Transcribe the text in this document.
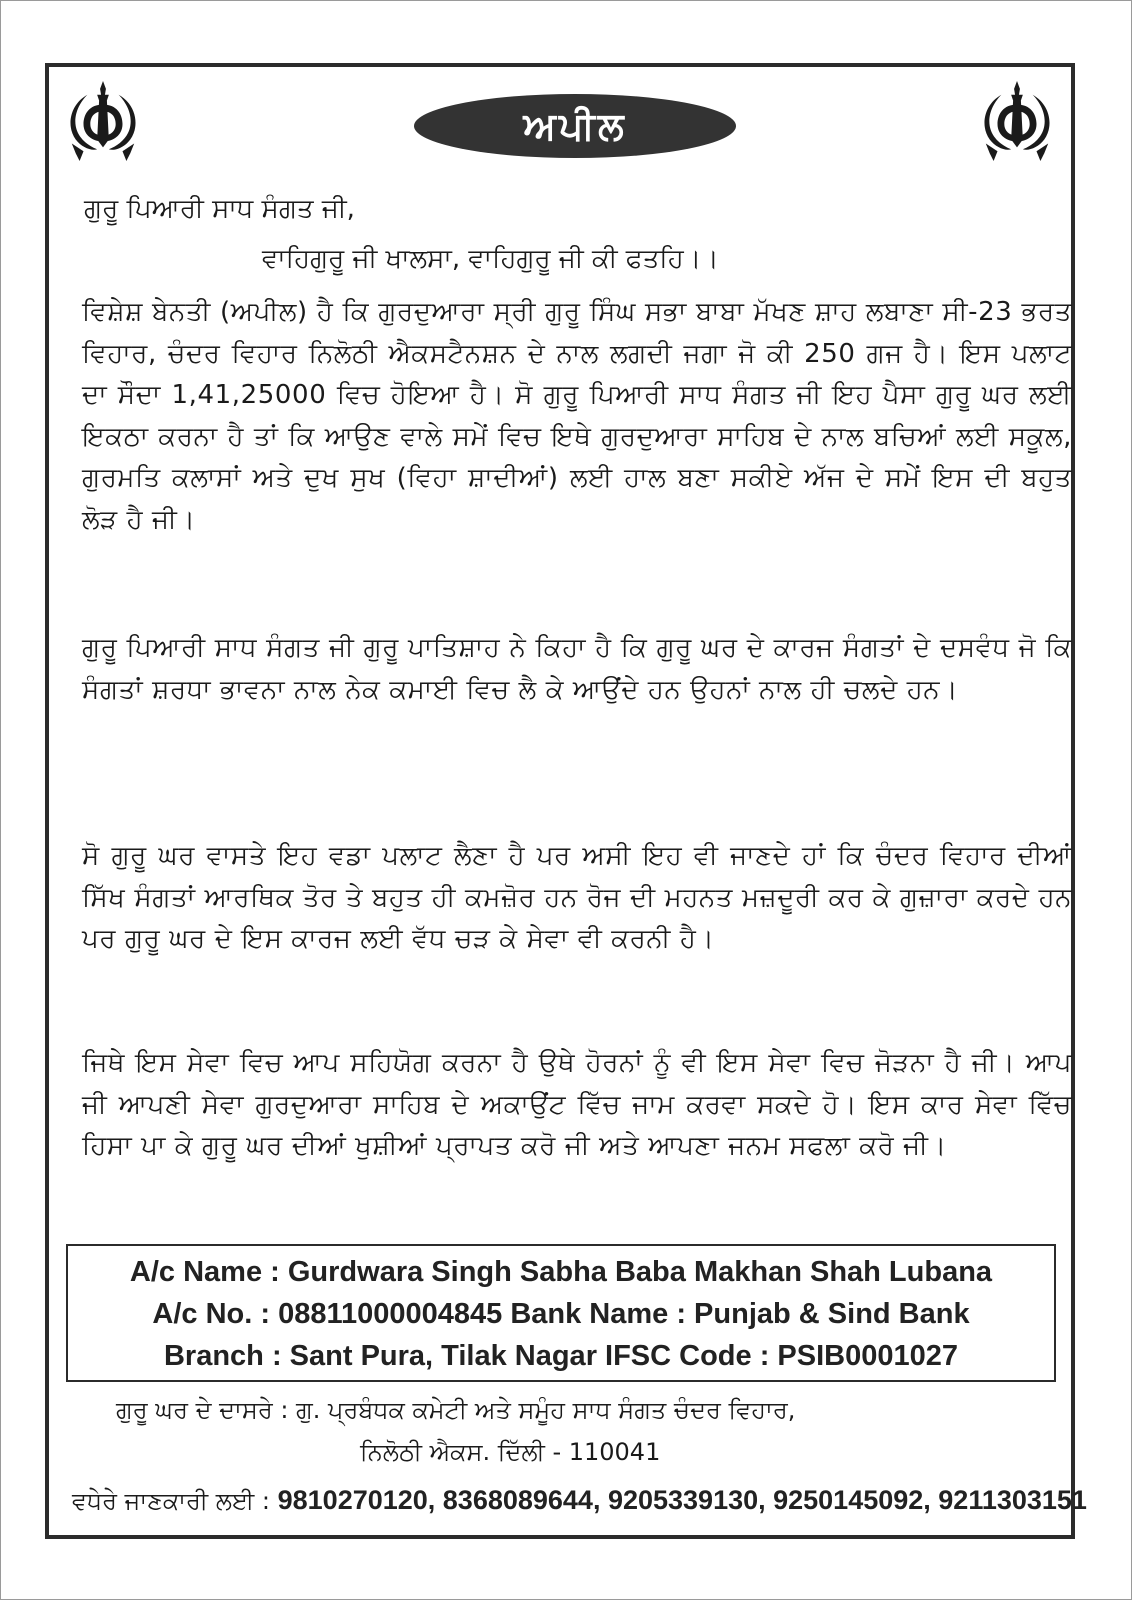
ਅਪੀਲ
ਗੁਰੂ ਪਿਆਰੀ ਸਾਧ ਸੰਗਤ ਜੀ,
ਵਾਹਿਗੁਰੂ ਜੀ ਖਾਲਸਾ, ਵਾਹਿਗੁਰੂ ਜੀ ਕੀ ਫਤਹਿ।।

ਵਿਸ਼ੇਸ਼ ਬੇਨਤੀ (ਅਪੀਲ) ਹੈ ਕਿ ਗੁਰਦੁਆਰਾ ਸ੍ਰੀ ਗੁਰੂ ਸਿੰਘ ਸਭਾ ਬਾਬਾ ਮੱਖਣ ਸ਼ਾਹ ਲਬਾਣਾ ਸੀ-23 ਭਰਤ ਵਿਹਾਰ, ਚੰਦਰ ਵਿਹਾਰ ਨਿਲੋਠੀ ਐਕਸਟੈਨਸ਼ਨ ਦੇ ਨਾਲ ਲਗਦੀ ਜਗਾ ਜੋ ਕੀ 250 ਗਜ ਹੈ। ਇਸ ਪਲਾਟ ਦਾ ਸੌਦਾ 1,41,25000 ਵਿਚ ਹੋਇਆ ਹੈ। ਸੋ ਗੁਰੂ ਪਿਆਰੀ ਸਾਧ ਸੰਗਤ ਜੀ ਇਹ ਪੈਸਾ ਗੁਰੂ ਘਰ ਲਈ ਇਕਠਾ ਕਰਨਾ ਹੈ ਤਾਂ ਕਿ ਆਉਣ ਵਾਲੇ ਸਮੇਂ ਵਿਚ ਇਥੇ ਗੁਰਦੁਆਰਾ ਸਾਹਿਬ ਦੇ ਨਾਲ ਬਚਿਆਂ ਲਈ ਸਕੂਲ, ਗੁਰਮਤਿ ਕਲਾਸਾਂ ਅਤੇ ਦੁਖ ਸੁਖ (ਵਿਹਾ ਸ਼ਾਦੀਆਂ) ਲਈ ਹਾਲ ਬਣਾ ਸਕੀਏ ਅੱਜ ਦੇ ਸਮੇਂ ਇਸ ਦੀ ਬਹੁਤ ਲੋੜ ਹੈ ਜੀ।

ਗੁਰੂ ਪਿਆਰੀ ਸਾਧ ਸੰਗਤ ਜੀ ਗੁਰੂ ਪਾਤਿਸ਼ਾਹ ਨੇ ਕਿਹਾ ਹੈ ਕਿ ਗੁਰੂ ਘਰ ਦੇ ਕਾਰਜ ਸੰਗਤਾਂ ਦੇ ਦਸਵੰਧ ਜੋ ਕਿ ਸੰਗਤਾਂ ਸ਼ਰਧਾ ਭਾਵਨਾ ਨਾਲ ਨੇਕ ਕਮਾਈ ਵਿਚ ਲੈ ਕੇ ਆਉਂਦੇ ਹਨ ਉਹਨਾਂ ਨਾਲ ਹੀ ਚਲਦੇ ਹਨ।

ਸੋ ਗੁਰੂ ਘਰ ਵਾਸਤੇ ਇਹ ਵਡਾ ਪਲਾਟ ਲੈਣਾ ਹੈ ਪਰ ਅਸੀ ਇਹ ਵੀ ਜਾਣਦੇ ਹਾਂ ਕਿ ਚੰਦਰ ਵਿਹਾਰ ਦੀਆਂ ਸਿੱਖ ਸੰਗਤਾਂ ਆਰਥਿਕ ਤੋਰ ਤੇ ਬਹੁਤ ਹੀ ਕਮਜ਼ੋਰ ਹਨ ਰੋਜ ਦੀ ਮਹਨਤ ਮਜ਼ਦੂਰੀ ਕਰ ਕੇ ਗੁਜ਼ਾਰਾ ਕਰਦੇ ਹਨ ਪਰ ਗੁਰੂ ਘਰ ਦੇ ਇਸ ਕਾਰਜ ਲਈ ਵੱਧ ਚੜ ਕੇ ਸੇਵਾ ਵੀ ਕਰਨੀ ਹੈ।

ਜਿਥੇ ਇਸ ਸੇਵਾ ਵਿਚ ਆਪ ਸਹਿਯੋਗ ਕਰਨਾ ਹੈ ਉਥੇ ਹੋਰਨਾਂ ਨੂੰ ਵੀ ਇਸ ਸੇਵਾ ਵਿਚ ਜੋੜਨਾ ਹੈ ਜੀ। ਆਪ ਜੀ ਆਪਣੀ ਸੇਵਾ ਗੁਰਦੁਆਰਾ ਸਾਹਿਬ ਦੇ ਅਕਾਉਂਟ ਵਿੱਚ ਜਾਮ ਕਰਵਾ ਸਕਦੇ ਹੋ। ਇਸ ਕਾਰ ਸੇਵਾ ਵਿੱਚ ਹਿਸਾ ਪਾ ਕੇ ਗੁਰੂ ਘਰ ਦੀਆਂ ਖੁਸ਼ੀਆਂ ਪ੍ਰਾਪਤ ਕਰੋ ਜੀ ਅਤੇ ਆਪਣਾ ਜਨਮ ਸਫਲਾ ਕਰੋ ਜੀ।

A/c Name : Gurdwara Singh Sabha Baba Makhan Shah Lubana
A/c No. : 08811000004845 Bank Name : Punjab & Sind Bank
Branch : Sant Pura, Tilak Nagar IFSC Code : PSIB0001027
ਗੁਰੂ ਘਰ ਦੇ ਦਾਸਰੇ : ਗੁ. ਪ੍ਰਬੰਧਕ ਕਮੇਟੀ ਅਤੇ ਸਮੂੰਹ ਸਾਧ ਸੰਗਤ ਚੰਦਰ ਵਿਹਾਰ,
ਨਿਲੋਠੀ ਐਕਸ. ਦਿੱਲੀ - 110041
ਵਧੇਰੇ ਜਾਣਕਾਰੀ ਲਈ : 9810270120, 8368089644, 9205339130, 9250145092, 9211303151
